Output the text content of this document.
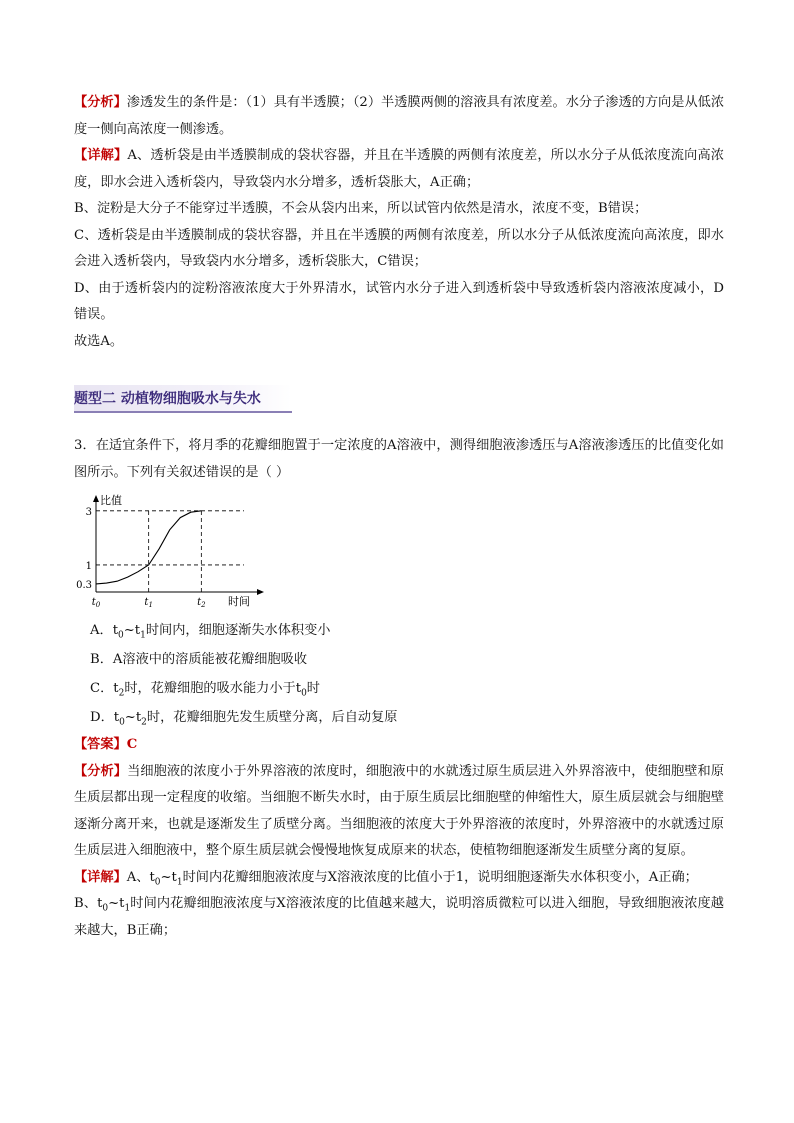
【分析】渗透发生的条件是：（1）具有半透膜；（2）半透膜两侧的溶液具有浓度差。水分子渗透的方向是从低浓度一侧向高浓度一侧渗透。

【详解】A、透析袋是由半透膜制成的袋状容器，并且在半透膜的两侧有浓度差，所以水分子从低浓度流向高浓度，即水会进入透析袋内，导致袋内水分增多，透析袋胀大，A正确；

B、淀粉是大分子不能穿过半透膜，不会从袋内出来，所以试管内依然是清水，浓度不变，B错误；

C、透析袋是由半透膜制成的袋状容器，并且在半透膜的两侧有浓度差，所以水分子从低浓度流向高浓度，即水会进入透析袋内，导致袋内水分增多，透析袋胀大，C错误；

D、由于透析袋内的淀粉溶液浓度大于外界清水，试管内水分子进入到透析袋中导致透析袋内溶液浓度减小，D错误。

故选A。

题型二 动植物细胞吸水与失水

3．在适宜条件下，将月季的花瓣细胞置于一定浓度的A溶液中，测得细胞液渗透压与A溶液渗透压的比值变化如图所示。下列有关叙述错误的是（ ）

3
1
0.3
$t_0$	$t_1$	$t_2$
比值
时间

A．$t_0\sim t_1$时间内，细胞逐渐失水体积变小

B．A溶液中的溶质能被花瓣细胞吸收

C．$t_2$时，花瓣细胞的吸水能力小于$t_0$时

D．$t_0\sim t_2$时，花瓣细胞先发生质壁分离，后自动复原

【答案】C

【分析】当细胞液的浓度小于外界溶液的浓度时，细胞液中的水就透过原生质层进入外界溶液中，使细胞壁和原生质层都出现一定程度的收缩。当细胞不断失水时，由于原生质层比细胞壁的伸缩性大，原生质层就会与细胞壁逐渐分离开来，也就是逐渐发生了质壁分离。当细胞液的浓度大于外界溶液的浓度时，外界溶液中的水就透过原生质层进入细胞液中，整个原生质层就会慢慢地恢复成原来的状态，使植物细胞逐渐发生质壁分离的复原。

【详解】A、$t_0\sim t_1$时间内花瓣细胞液浓度与X溶液浓度的比值小于1，说明细胞逐渐失水体积变小，A正确；

B、$t_0\sim t_1$时间内花瓣细胞液浓度与X溶液浓度的比值越来越大，说明溶质微粒可以进入细胞，导致细胞液浓度越来越大，B正确；
